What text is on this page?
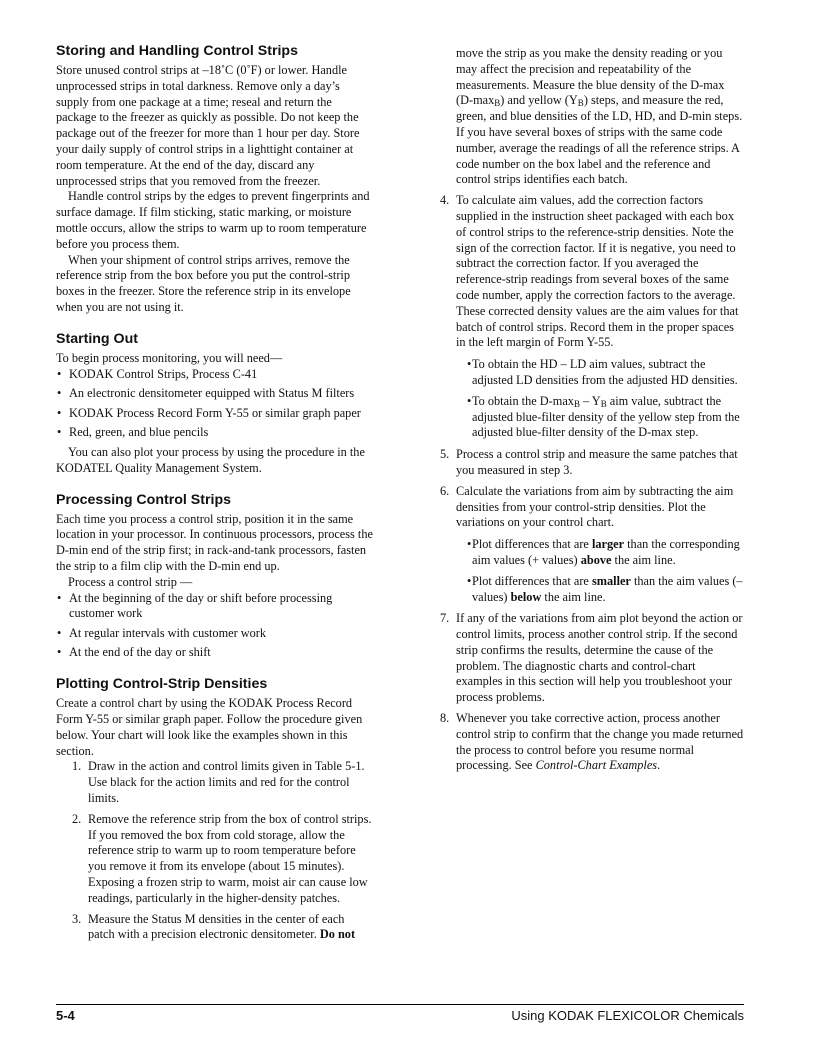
Storing and Handling Control Strips

Store unused control strips at –18˚C (0˚F) or lower. Handle unprocessed strips in total darkness. Remove only a day’s supply from one package at a time; reseal and return the package to the freezer as quickly as possible. Do not keep the package out of the freezer for more than 1 hour per day. Store your daily supply of control strips in a lighttight container at room temperature. At the end of the day, discard any unprocessed strips that you removed from the freezer.

Handle control strips by the edges to prevent fingerprints and surface damage. If film sticking, static marking, or moisture mottle occurs, allow the strips to warm up to room temperature before you process them.

When your shipment of control strips arrives, remove the reference strip from the box before you put the control-strip boxes in the freezer. Store the reference strip in its envelope when you are not using it.

Starting Out

To begin process monitoring, you will need—

• KODAK Control Strips, Process C-41
• An electronic densitometer equipped with Status M filters
• KODAK Process Record Form Y-55 or similar graph paper
• Red, green, and blue pencils

You can also plot your process by using the procedure in the KODATEL Quality Management System.

Processing Control Strips

Each time you process a control strip, position it in the same location in your processor. In continuous processors, process the D-min end of the strip first; in rack-and-tank processors, fasten the strip to a film clip with the D-min end up.

Process a control strip —

• At the beginning of the day or shift before processing customer work
• At regular intervals with customer work
• At the end of the day or shift
Plotting Control-Strip Densities

Create a control chart by using the KODAK Process Record Form Y-55 or similar graph paper. Follow the procedure given below. Your chart will look like the examples shown in this section.

1. Draw in the action and control limits given in Table 5-1. Use black for the action limits and red for the control limits.
2. Remove the reference strip from the box of control strips. If you removed the box from cold storage, allow the reference strip to warm up to room temperature before you remove it from its envelope (about 15 minutes). Exposing a frozen strip to warm, moist air can cause low readings, particularly in the higher-density patches.
3. Measure the Status M densities in the center of each patch with a precision electronic densitometer. Do not
move the strip as you make the density reading or you may affect the precision and repeatability of the measurements. Measure the blue density of the D-max $(D-\max_B)$ and yellow $(Y_B)$ steps, and measure the red, green, and blue densities of the LD, HD, and D-min steps. If you have several boxes of strips with the same code number, average the readings of all the reference strips. A code number on the box label and the reference and control strips identifies each batch.
4. To calculate aim values, add the correction factors supplied in the instruction sheet packaged with each box of control strips to the reference-strip densities. Note the sign of the correction factor. If it is negative, you need to subtract the correction factor. If you averaged the reference-strip readings from several boxes of the same code number, apply the correction factors to the average. These corrected density values are the aim values for that batch of control strips. Record them in the proper spaces in the left margin of Form Y-55.
• To obtain the HD – LD aim values, subtract the adjusted LD densities from the adjusted HD densities.
• To obtain the $D-\max_B - Y_B$ aim value, subtract the adjusted blue-filter density of the yellow step from the adjusted blue-filter density of the D-max step.
5. Process a control strip and measure the same patches that you measured in step 3.
6. Calculate the variations from aim by subtracting the aim densities from your control-strip densities. Plot the variations on your control chart.
• Plot differences that are larger than the corresponding aim values (+ values) above the aim line.
• Plot differences that are smaller than the aim values (– values) below the aim line.
7. If any of the variations from aim plot beyond the action or control limits, process another control strip. If the second strip confirms the results, determine the cause of the problem. The diagnostic charts and control-chart examples in this section will help you troubleshoot your process problems.
8. Whenever you take corrective action, process another control strip to confirm that the change you made returned the process to control before you resume normal processing. See Control-Chart Examples.
5-4	Using KODAK FLEXICOLOR Chemicals
